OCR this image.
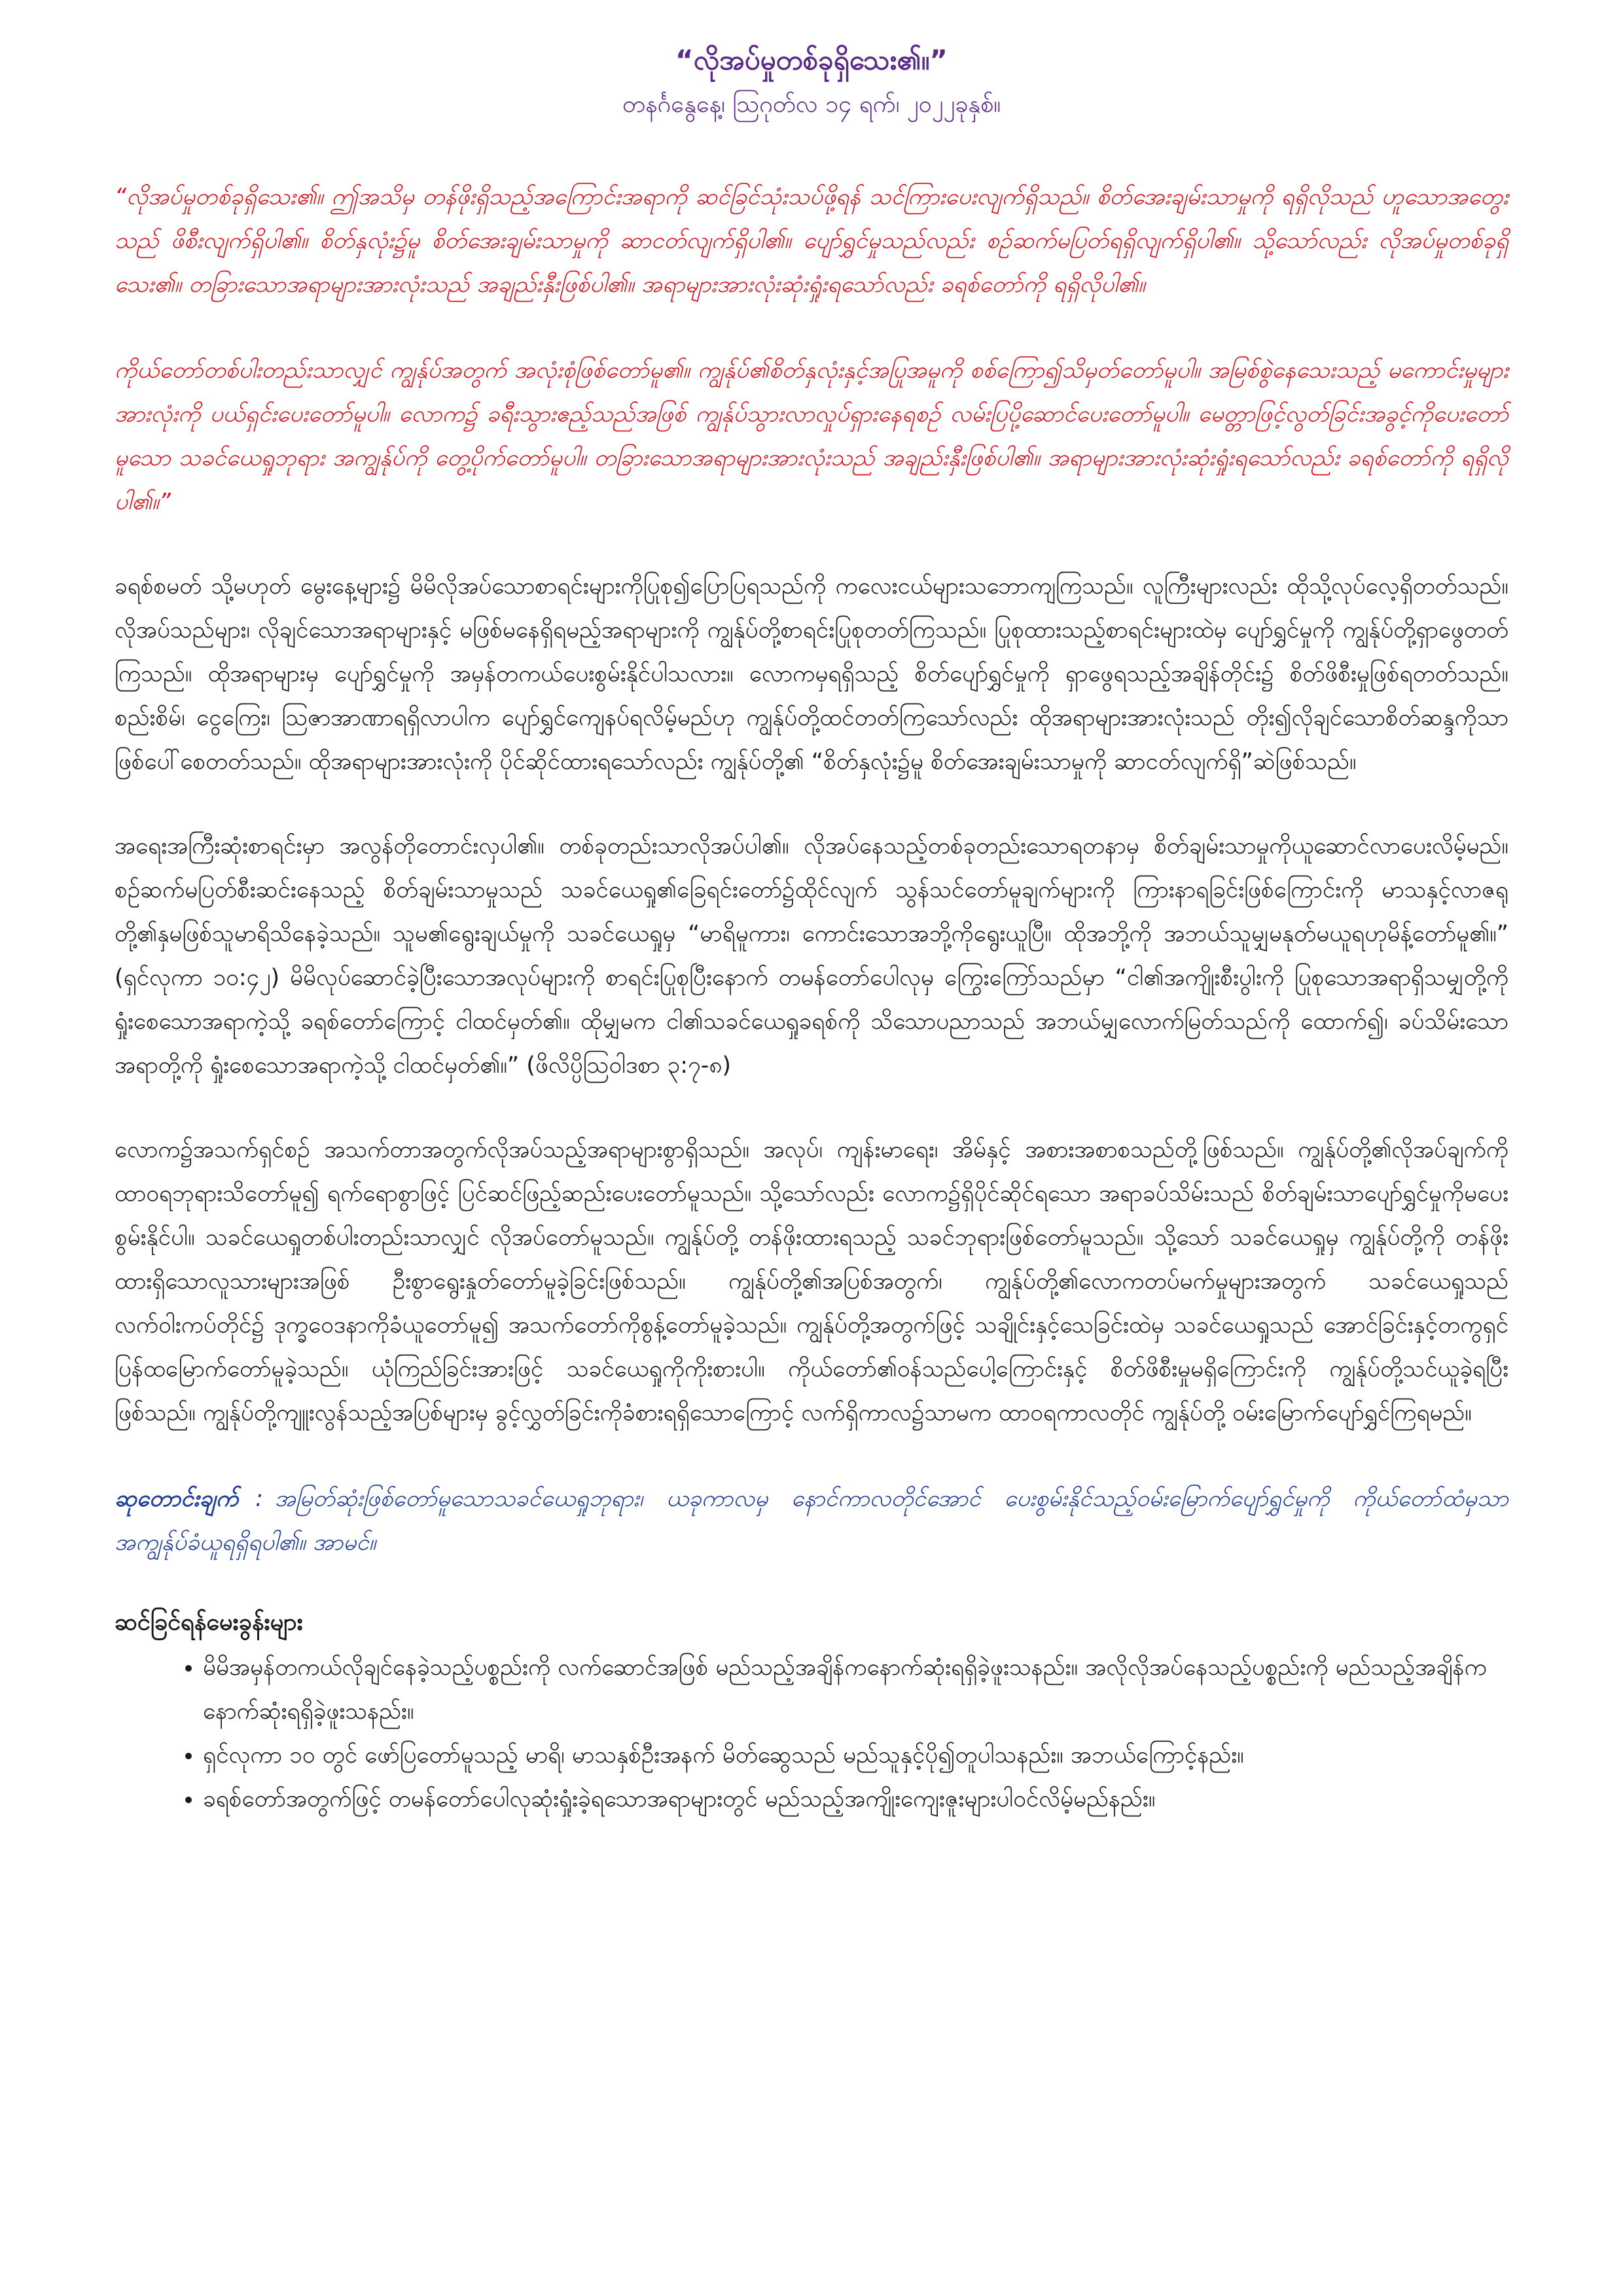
“လိုအပ်မှုတစ်ခုရှိသေး၏။”

တနင်္ဂနွေနေ့၊ ဩဂုတ်လ ၁၄ ရက်၊ ၂၀၂၂ခုနှစ်။

“လိုအပ်မှုတစ်ခုရှိသေး၏။ ဤအသိမှ တန်ဖိုးရှိသည့်အကြောင်းအရာကို ဆင်ခြင်သုံးသပ်ဖို့ရန် သင်ကြားပေးလျက်ရှိသည်။ စိတ်အေးချမ်းသာမှုကို ရရှိလိုသည် ဟူသောအတွေးသည် ဖိစီးလျက်ရှိပါ၏။ စိတ်နှလုံး၌မူ စိတ်အေးချမ်းသာမှုကို ဆာငတ်လျက်ရှိပါ၏။ ပျော်ရွှင်မှုသည်လည်း စဉ်ဆက်မပြတ်ရရှိလျက်ရှိပါ၏။ သို့သော်လည်း လိုအပ်မှုတစ်ခုရှိသေး၏။ တခြားသောအရာများအားလုံးသည် အချည်းနှီးဖြစ်ပါ၏။ အရာများအားလုံးဆုံးရှုံးရသော်လည်း ခရစ်တော်ကို ရရှိလိုပါ၏။

ကိုယ်တော်တစ်ပါးတည်းသာလျှင် ကျွန်ုပ်အတွက် အလုံးစုံဖြစ်တော်မူ၏။ ကျွန်ုပ်၏စိတ်နှလုံးနှင့်အပြုအမူကို စစ်ကြော၍သိမှတ်တော်မူပါ။ အမြစ်စွဲနေသေးသည့် မကောင်းမှုများအားလုံးကို ပယ်ရှင်းပေးတော်မူပါ။ လောက၌ ခရီးသွားဧည့်သည်အဖြစ် ကျွန်ုပ်သွားလာလှုပ်ရှားနေရစဉ် လမ်းပြပို့ဆောင်ပေးတော်မူပါ။ မေတ္တာဖြင့်လွတ်ခြင်းအခွင့်ကိုပေးတော်မူသော သခင်ယေရှုဘုရား အကျွန်ုပ်ကို တွေ့ပိုက်တော်မူပါ။ တခြားသောအရာများအားလုံးသည် အချည်းနှီးဖြစ်ပါ၏။ အရာများအားလုံးဆုံးရှုံးရသော်လည်း ခရစ်တော်ကို ရရှိလိုပါ၏။”

ခရစ်စမတ် သို့မဟုတ် မွေးနေ့များ၌ မိမိလိုအပ်သောစာရင်းများကိုပြုစု၍ပြောပြရသည်ကို ကလေးငယ်များသဘောကျကြသည်။ လူကြီးများလည်း ထိုသို့လုပ်လေ့ရှိတတ်သည်။ လိုအပ်သည်များ၊ လိုချင်သောအရာများနှင့် မဖြစ်မနေရှိရမည့်အရာများကို ကျွန်ုပ်တို့စာရင်းပြုစုတတ်ကြသည်။ ပြုစုထားသည့်စာရင်းများထဲမှ ပျော်ရွှင်မှုကို ကျွန်ုပ်တို့ရှာဖွေတတ်ကြသည်။ ထိုအရာများမှ ပျော်ရွှင်မှုကို အမှန်တကယ်ပေးစွမ်းနိုင်ပါသလား။ လောကမှရရှိသည့် စိတ်ပျော်ရွှင်မှုကို ရှာဖွေရသည့်အချိန်တိုင်း၌ စိတ်ဖိစီးမှုဖြစ်ရတတ်သည်။ စည်းစိမ်၊ ငွေကြေး၊ ဩဇာအာဏာရရှိလာပါက ပျော်ရွှင်ကျေနပ်ရလိမ့်မည်ဟု ကျွန်ုပ်တို့ထင်တတ်ကြသော်လည်း ထိုအရာများအားလုံးသည် တိုး၍လိုချင်သောစိတ်ဆန္ဒကိုသာဖြစ်ပေါ်စေတတ်သည်။ ထိုအရာများအားလုံးကို ပိုင်ဆိုင်ထားရသော်လည်း ကျွန်ုပ်တို့၏ “စိတ်နှလုံး၌မူ စိတ်အေးချမ်းသာမှုကို ဆာငတ်လျက်ရှိ”ဆဲဖြစ်သည်။

အရေးအကြီးဆုံးစာရင်းမှာ အလွန်တိုတောင်းလှပါ၏။ တစ်ခုတည်းသာလိုအပ်ပါ၏။ လိုအပ်နေသည့်တစ်ခုတည်းသောရတနာမှ စိတ်ချမ်းသာမှုကိုယူဆောင်လာပေးလိမ့်မည်။ စဉ်ဆက်မပြတ်စီးဆင်းနေသည့် စိတ်ချမ်းသာမှုသည် သခင်ယေရှု၏ခြေရင်းတော်၌ထိုင်လျက် သွန်သင်တော်မူချက်များကို ကြားနာရခြင်းဖြစ်ကြောင်းကို မာသနှင့်လာဇရုတို့၏နှမဖြစ်သူမာရိသိနေခဲ့သည်။ သူမ၏ရွေးချယ်မှုကို သခင်ယေရှုမှ “မာရိမူကား၊ ကောင်းသောအဘို့ကိုရွေးယူပြီ။ ထိုအဘို့ကို အဘယ်သူမျှမနုတ်မယူရဟုမိန့်တော်မူ၏။” (ရှင်လုကာ ၁၀:၄၂) မိမိလုပ်ဆောင်ခဲ့ပြီးသောအလုပ်များကို စာရင်းပြုစုပြီးနောက် တမန်တော်ပေါလုမှ ကြွေးကြော်သည်မှာ “ငါ၏အကျိုးစီးပွါးကို ပြုစုသောအရာရှိသမျှတို့ကို ရှုံးစေသောအရာကဲ့သို့ ခရစ်တော်ကြောင့် ငါထင်မှတ်၏။ ထိုမျှမက ငါ၏သခင်ယေရှုခရစ်ကို သိသောပညာသည် အဘယ်မျှလောက်မြတ်သည်ကို ထောက်၍၊ ခပ်သိမ်းသောအရာတို့ကို ရှုံးစေသောအရာကဲ့သို့ ငါထင်မှတ်၏။” (ဖိလိပ္ပိဩဝါဒစာ ၃:၇-၈)

လောက၌အသက်ရှင်စဉ် အသက်တာအတွက်လိုအပ်သည့်အရာများစွာရှိသည်။ အလုပ်၊ ကျန်းမာရေး၊ အိမ်နှင့် အစားအစာစသည်တို့ဖြစ်သည်။ ကျွန်ုပ်တို့၏လိုအပ်ချက်ကို ထာဝရဘုရားသိတော်မူ၍ ရက်ရောစွာဖြင့် ပြင်ဆင်ဖြည့်ဆည်းပေးတော်မူသည်။ သို့သော်လည်း လောက၌ရှိပိုင်ဆိုင်ရသော အရာခပ်သိမ်းသည် စိတ်ချမ်းသာပျော်ရွှင်မှုကိုမပေးစွမ်းနိုင်ပါ။ သခင်ယေရှုတစ်ပါးတည်းသာလျှင် လိုအပ်တော်မူသည်။ ကျွန်ုပ်တို့ တန်ဖိုးထားရသည့် သခင်ဘုရားဖြစ်တော်မူသည်။ သို့သော် သခင်ယေရှုမှ ကျွန်ုပ်တို့ကို တန်ဖိုးထားရှိသောလူသားများအဖြစ် ဦးစွာရွေးနှုတ်တော်မူခဲ့ခြင်းဖြစ်သည်။ ကျွန်ုပ်တို့၏အပြစ်အတွက်၊ ကျွန်ုပ်တို့၏လောကတပ်မက်မှုများအတွက် သခင်ယေရှုသည် လက်ဝါးကပ်တိုင်၌ ဒုက္ခဝေဒနာကိုခံယူတော်မူ၍ အသက်တော်ကိုစွန့်တော်မူခဲ့သည်။ ကျွန်ုပ်တို့အတွက်ဖြင့် သချိုင်းနှင့်သေခြင်းထဲမှ သခင်ယေရှုသည် အောင်ခြင်းနှင့်တကွရှင်ပြန်ထမြောက်တော်မူခဲ့သည်။ ယုံကြည်ခြင်းအားဖြင့် သခင်ယေရှုကိုကိုးစားပါ။ ကိုယ်တော်၏ဝန်သည်ပေါ့ကြောင်းနှင့် စိတ်ဖိစီးမှုမရှိကြောင်းကို ကျွန်ုပ်တို့သင်ယူခဲ့ရပြီးဖြစ်သည်။ ကျွန်ုပ်တို့ကျူးလွန်သည့်အပြစ်များမှ ခွင့်လွှတ်ခြင်းကိုခံစားရရှိသောကြောင့် လက်ရှိကာလ၌သာမက ထာဝရကာလတိုင် ကျွန်ုပ်တို့ ဝမ်းမြောက်ပျော်ရွှင်ကြရမည်။

ဆုတောင်းချက် : အမြတ်ဆုံးဖြစ်တော်မူသောသခင်ယေရှုဘုရား၊ ယခုကာလမှ နောင်ကာလတိုင်အောင် ပေးစွမ်းနိုင်သည့်ဝမ်းမြောက်ပျော်ရွှင်မှုကို ကိုယ်တော်ထံမှသာ အကျွန်ုပ်ခံယူရရှိရပါ၏။ အာမင်။

ဆင်ခြင်ရန်မေးခွန်းများ
• မိမိအမှန်တကယ်လိုချင်နေခဲ့သည့်ပစ္စည်းကို လက်ဆောင်အဖြစ် မည်သည့်အချိန်ကနောက်ဆုံးရရှိခဲ့ဖူးသနည်း။ အလိုလိုအပ်နေသည့်ပစ္စည်းကို မည်သည့်အချိန်က နောက်ဆုံးရရှိခဲ့ဖူးသနည်း။
• ရှင်လုကာ ၁၀ တွင် ဖော်ပြတော်မူသည့် မာရိ၊ မာသနှစ်ဦးအနက် မိတ်ဆွေသည် မည်သူနှင့်ပို၍တူပါသနည်း။ အဘယ်ကြောင့်နည်း။
• ခရစ်တော်အတွက်ဖြင့် တမန်တော်ပေါလုဆုံးရှုံးခဲ့ရသောအရာများတွင် မည်သည့်အကျိုးကျေးဇူးများပါဝင်လိမ့်မည်နည်း။
